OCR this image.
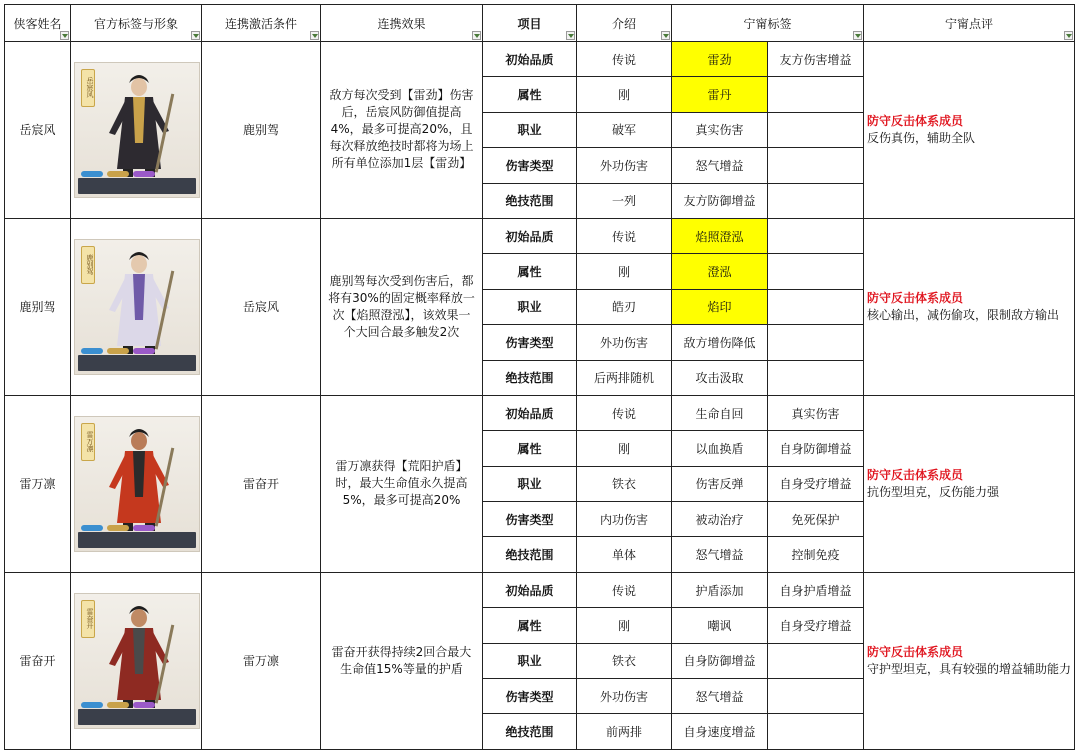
侠客姓名	官方标签与形象	连携激活条件	连携效果	项目	介绍	宁甯标签		宁甯点评

岳宸风	岳宸风	鹿别驾	敌方每次受到【雷劲】伤害后，岳宸风防御值提高4%，最多可提高20%，且每次释放绝技时都将为场上所有单位添加1层【雷劲】	初始品质	传说	雷劲	友方伤害增益	防守反击体系成员
反伤真伤，辅助全队

				属性	刚	雷丹		
				职业	破军	真实伤害		
				伤害类型	外功伤害	怒气增益		
				绝技范围	一列	友方防御增益		
鹿别驾	鹿别驾	岳宸风	鹿别驾每次受到伤害后，都将有30%的固定概率释放一次【焰照澄泓】，该效果一个大回合最多触发2次	初始品质	传说	焰照澄泓		防守反击体系成员
核心输出，减伤偷攻，限制敌方输出

				属性	刚	澄泓		
				职业	皓刃	焰印		
				伤害类型	外功伤害	敌方增伤降低		
				绝技范围	后两排随机	攻击汲取		
雷万凛	雷万凛	雷奋开	雷万凛获得【荒阳护盾】时，最大生命值永久提高5%，最多可提高20%	初始品质	传说	生命自回	真实伤害	防守反击体系成员
抗伤型坦克，反伤能力强

				属性	刚	以血换盾	自身防御增益	
				职业	铁衣	伤害反弹	自身受疗增益	
				伤害类型	内功伤害	被动治疗	免死保护	
				绝技范围	单体	怒气增益	控制免疫	
雷奋开	雷奋开	雷万凛	雷奋开获得持续2回合最大生命值15%等量的护盾	初始品质	传说	护盾添加	自身护盾增益	防守反击体系成员
守护型坦克，具有较强的增益辅助能力

				属性	刚	嘲讽	自身受疗增益	
				职业	铁衣	自身防御增益		
				伤害类型	外功伤害	怒气增益		
				绝技范围	前两排	自身速度增益		
